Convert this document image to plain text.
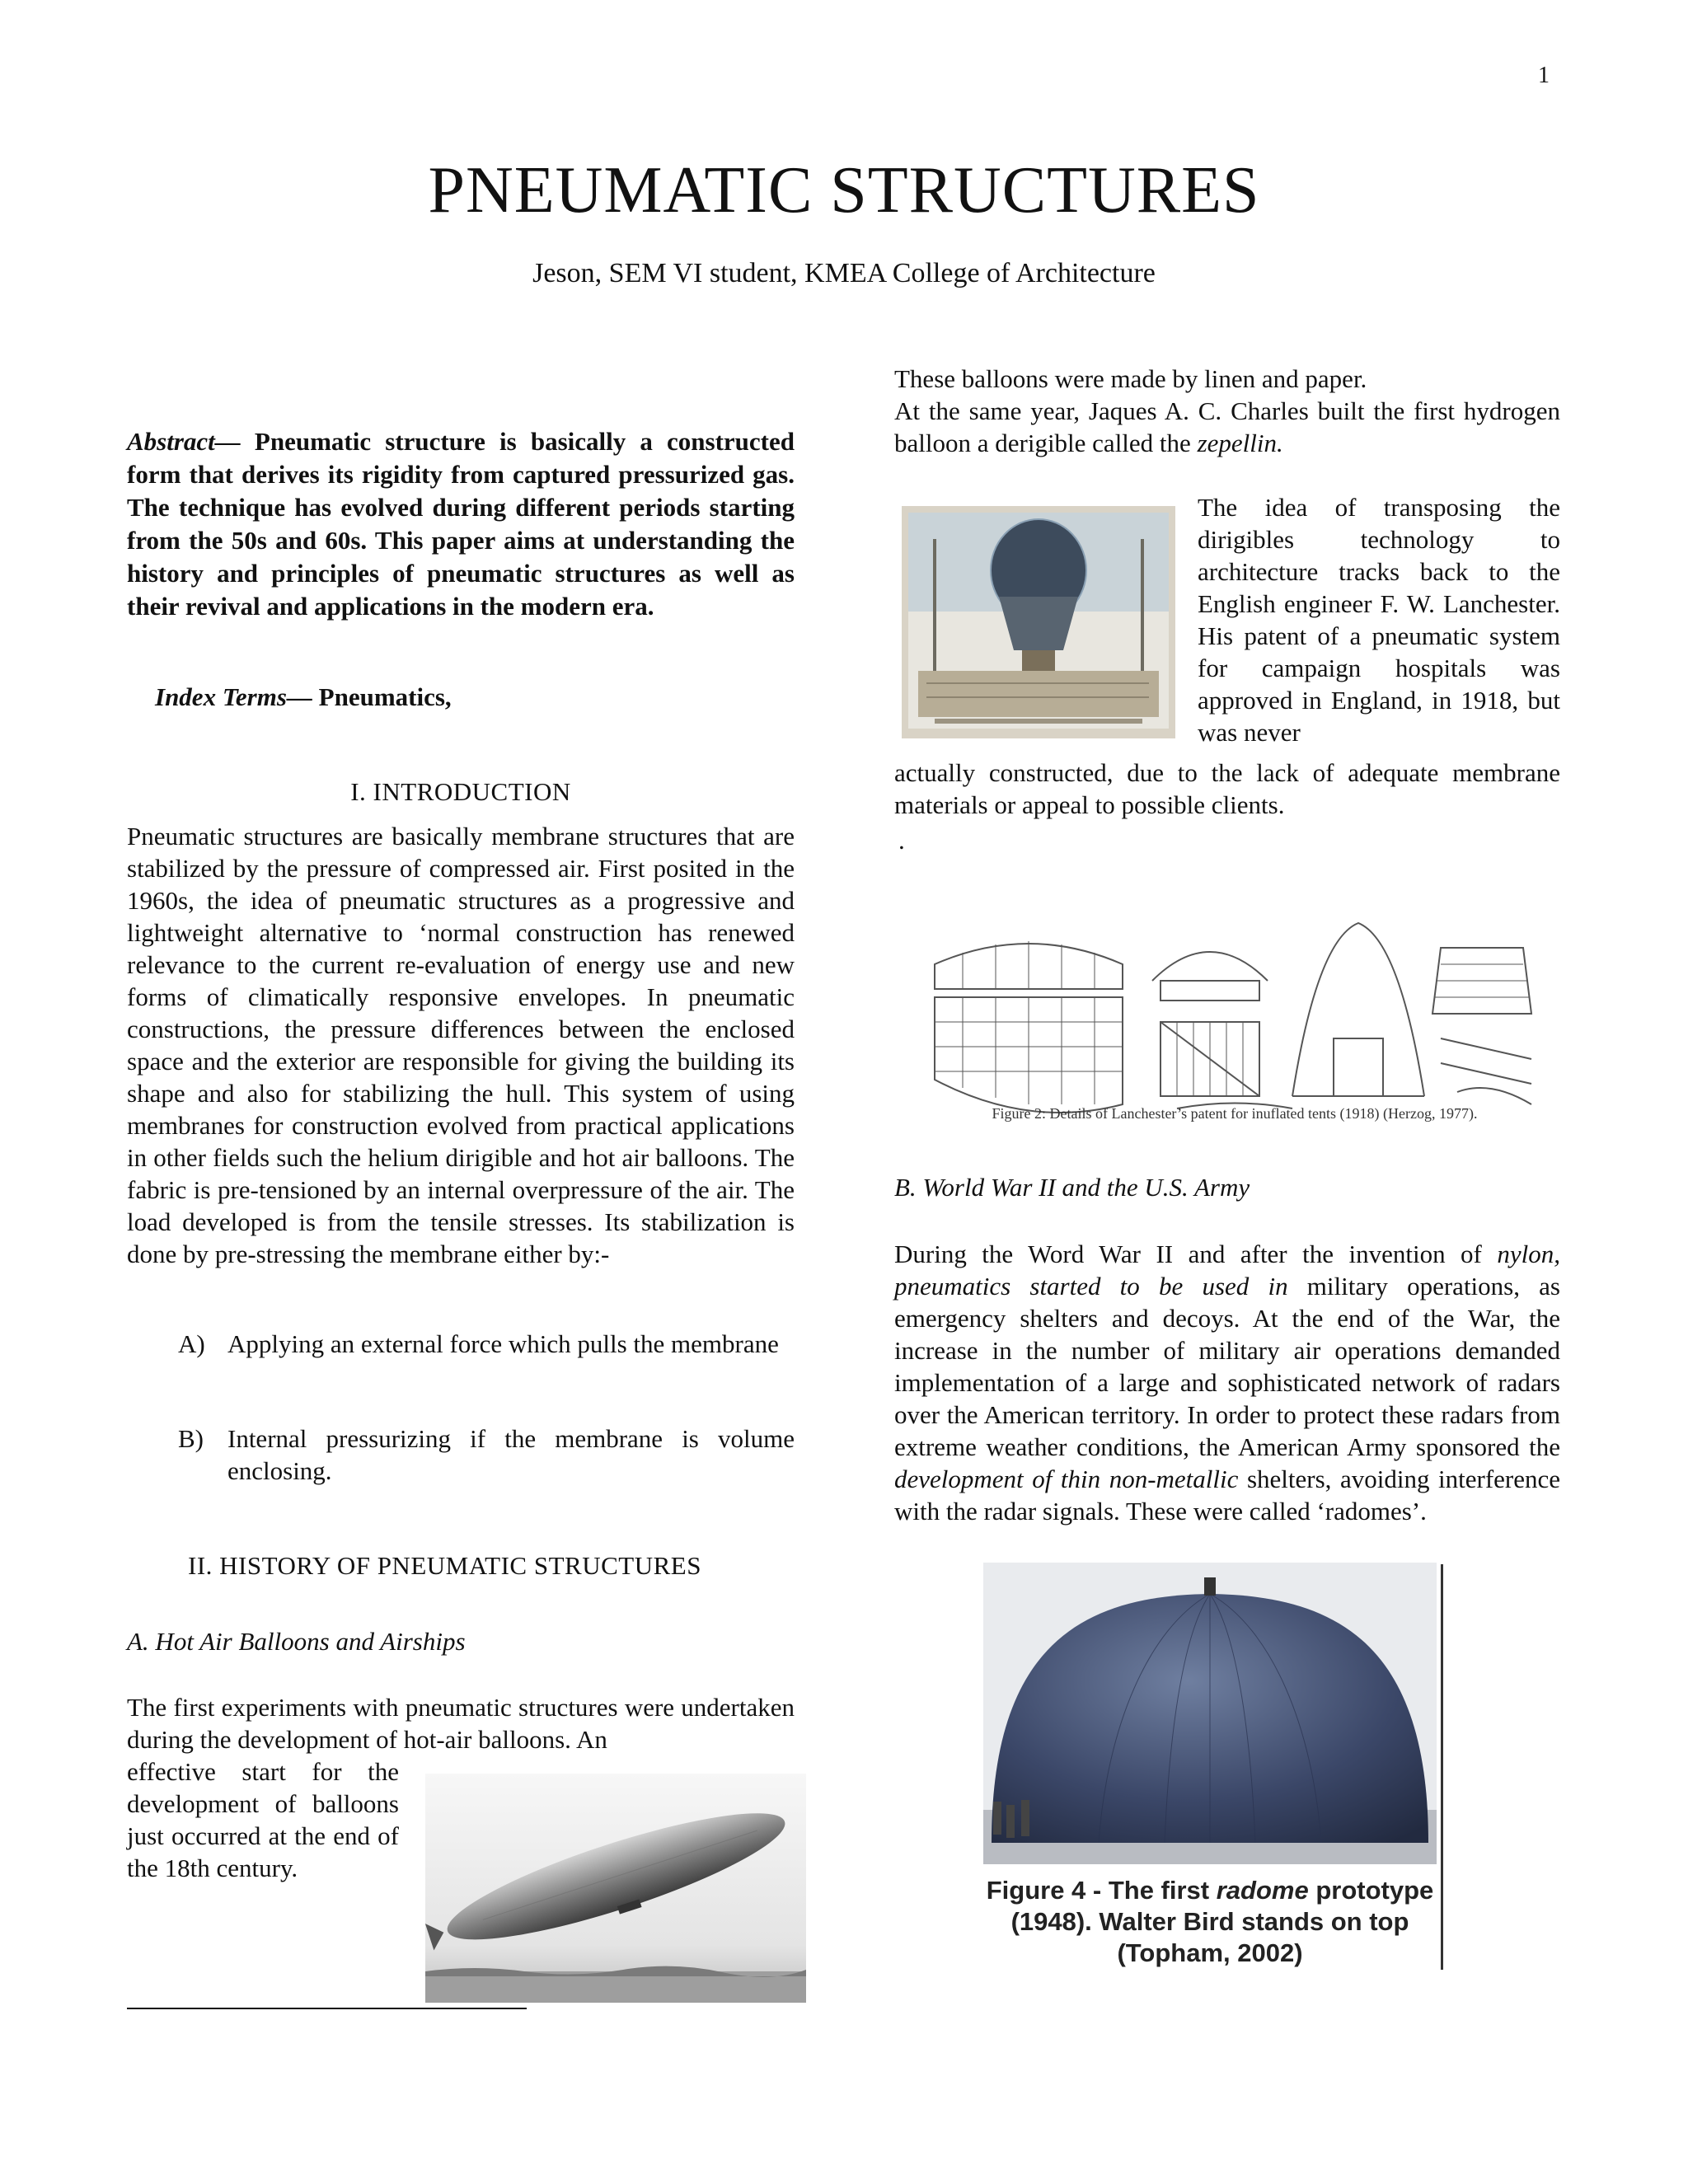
1
PNEUMATIC STRUCTURES
Jeson, SEM VI student, KMEA College of Architecture
Abstract— Pneumatic structure is basically a constructed form that derives its rigidity from captured pressurized gas. The technique has evolved during different periods starting from the 50s and 60s. This paper aims at understanding the history and principles of pneumatic structures as well as their revival and applications in the modern era.
Index Terms— Pneumatics,
I. INTRODUCTION
Pneumatic structures are basically membrane structures that are stabilized by the pressure of compressed air. First posited in the 1960s, the idea of pneumatic structures as a progressive and lightweight alternative to ‘normal construction has renewed relevance to the current re-evaluation of energy use and new forms of climatically responsive envelopes. In pneumatic constructions, the pressure differences between the enclosed space and the exterior are responsible for giving the building its shape and also for stabilizing the hull. This system of using membranes for construction evolved from practical applications in other fields such the helium dirigible and hot air balloons. The fabric is pre-tensioned by an internal overpressure of the air. The load developed is from the tensile stresses. Its stabilization is done by pre-stressing the membrane either by:-
A) Applying an external force which pulls the membrane
B) Internal pressurizing if the membrane is volume enclosing.
II. HISTORY OF PNEUMATIC STRUCTURES
A. Hot Air Balloons and Airships
The first experiments with pneumatic structures were undertaken during the development of hot-air balloons. An
effective start for the development of balloons just occurred at the end of the 18th century.
These balloons were made by linen and paper.
At the same year, Jaques A. C. Charles built the first hydrogen balloon a derigible called the zepellin.
The idea of transposing the dirigibles technology to architecture tracks back to the English engineer F. W. Lanchester. His patent of a pneumatic system for campaign hospitals was approved in England, in 1918, but was never
actually constructed, due to the lack of adequate membrane materials or appeal to possible clients.
.
Figure 2: Details of Lanchester’s patent for inuflated tents (1918) (Herzog, 1977).
B. World War II and the U.S. Army
During the Word War II and after the invention of nylon, pneumatics started to be used in military operations, as emergency shelters and decoys. At the end of the War, the increase in the number of military air operations demanded implementation of a large and sophisticated network of radars over the American territory. In order to protect these radars from extreme weather conditions, the American Army sponsored the development of thin non-metallic shelters, avoiding interference with the radar signals. These were called ‘radomes’.
Figure 4 - The first radome prototype
(1948). Walter Bird stands on top
(Topham, 2002)
